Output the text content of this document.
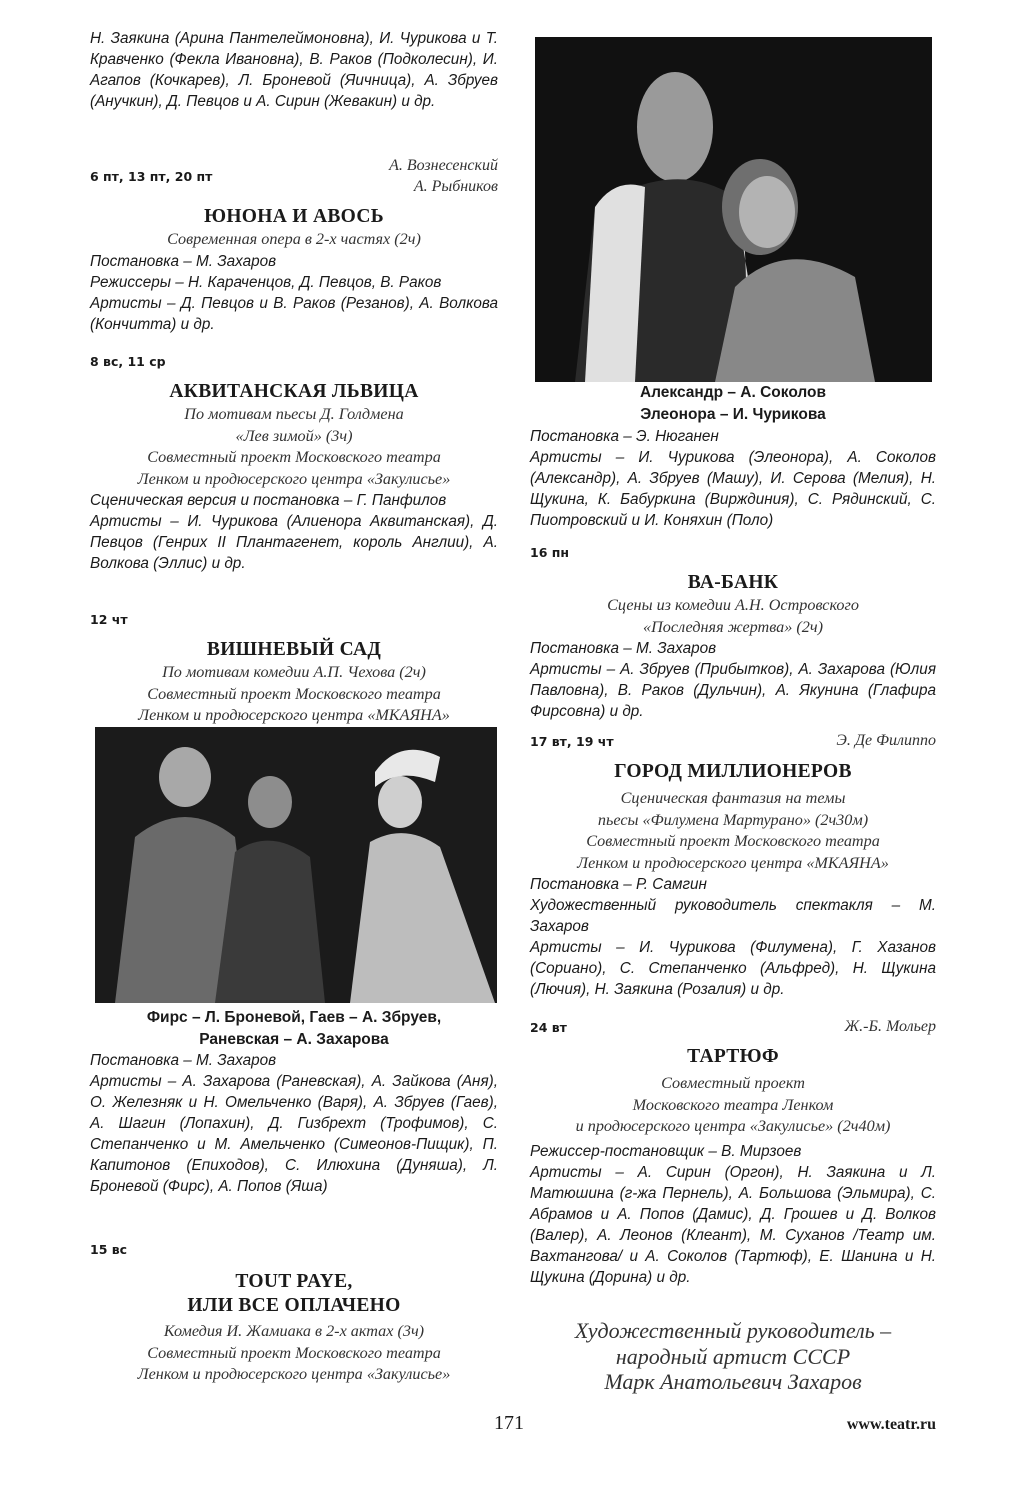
Н. Заякина (Арина Пантелеймоновна), И. Чурикова и Т. Кравченко (Фекла Ивановна), В. Раков (Подколесин), И. Агапов (Кочкарев), Л. Броневой (Яичница), А. Збруев (Анучкин), Д. Певцов и А. Сирин (Жевакин) и др.

6 пт, 13 пт, 20 пт
А. Вознесенский
А. Рыбников

ЮНОНА И АВОСЬ

Современная опера в 2-х частях (2ч)

Постановка – М. Захаров

Режиссеры – Н. Караченцов, Д. Певцов, В. Раков

Артисты – Д. Певцов и В. Раков (Резанов), А. Волкова (Кончитта) и др.

8 вс, 11 ср

АКВИТАНСКАЯ ЛЬВИЦА

По мотивам пьесы Д. Голдмена

«Лев зимой» (3ч)

Совместный проект Московского театра

Ленком и продюсерского центра «Закулисье»

Сценическая версия и постановка – Г. Панфилов

Артисты – И. Чурикова (Алиенора Аквитанская), Д. Певцов (Генрих II Плантагенет, король Англии), А. Волкова (Эллис) и др.

12 чт

ВИШНЕВЫЙ САД

По мотивам комедии А.П. Чехова (2ч)

Совместный проект Московского театра

Ленком и продюсерского центра «МКАЯНА»

Фирс – Л. Броневой, Гаев – А. Збруев,
Раневская – А. Захарова

Постановка – М. Захаров

Артисты – А. Захарова (Раневская), А. Зайкова (Аня), О. Железняк и Н. Омельченко (Варя), А. Збруев (Гаев), А. Шагин (Лопахин), Д. Гизбрехт (Трофимов), С. Степанченко и М. Амельченко (Симеонов-Пищик), П. Капитонов (Епиходов), С. Илюхина (Дуняша), Л. Броневой (Фирс), А. Попов (Яша)

15 вс

TOUT PAYE,

ИЛИ ВСЕ ОПЛАЧЕНО

Комедия И. Жамиака в 2-х актах (3ч)

Совместный проект Московского театра

Ленком и продюсерского центра «Закулисье»

Александр – А. Соколов
Элеонора – И. Чурикова

Постановка – Э. Нюганен

Артисты – И. Чурикова (Элеонора), А. Соколов (Александр), А. Збруев (Машу), И. Серова (Мелия), Н. Щукина, К. Бабуркина (Вирждиния), С. Рядинский, С. Пиотровский и И. Коняхин (Поло)

16 пн

ВА-БАНК

Сцены из комедии А.Н. Островского

«Последняя жертва» (2ч)

Постановка – М. Захаров

Артисты – А. Збруев (Прибытков), А. Захарова (Юлия Павловна), В. Раков (Дульчин), А. Якунина (Глафира Фирсовна) и др.

17 вт, 19 чт	Э. Де Филиппо

ГОРОД МИЛЛИОНЕРОВ

Сценическая фантазия на темы

пьесы «Филумена Мартурано» (2ч30м)

Совместный проект Московского театра

Ленком и продюсерского центра «МКАЯНА»

Постановка – Р. Самгин

Художественный руководитель спектакля – М. Захаров

Артисты – И. Чурикова (Филумена), Г. Хазанов (Сориано), С. Степанченко (Альфред), Н. Щукина (Лючия), Н. Заякина (Розалия) и др.

24 вт	Ж.-Б. Мольер

ТАРТЮФ

Совместный проект

Московского театра Ленком

и продюсерского центра «Закулисье» (2ч40м)

Режиссер-постановщик – В. Мирзоев

Артисты – А. Сирин (Оргон), Н. Заякина и Л. Матюшина (г-жа Пернель), А. Большова (Эльмира), С. Абрамов и А. Попов (Дамис), Д. Грошев и Д. Волков (Валер), А. Леонов (Клеант), М. Суханов /Театр им. Вахтангова/ и А. Соколов (Тартюф), Е. Шанина и Н. Щукина (Дорина) и др.

Художественный руководитель –
народный артист СССР
Марк Анатольевич Захаров
171	www.teatr.ru
